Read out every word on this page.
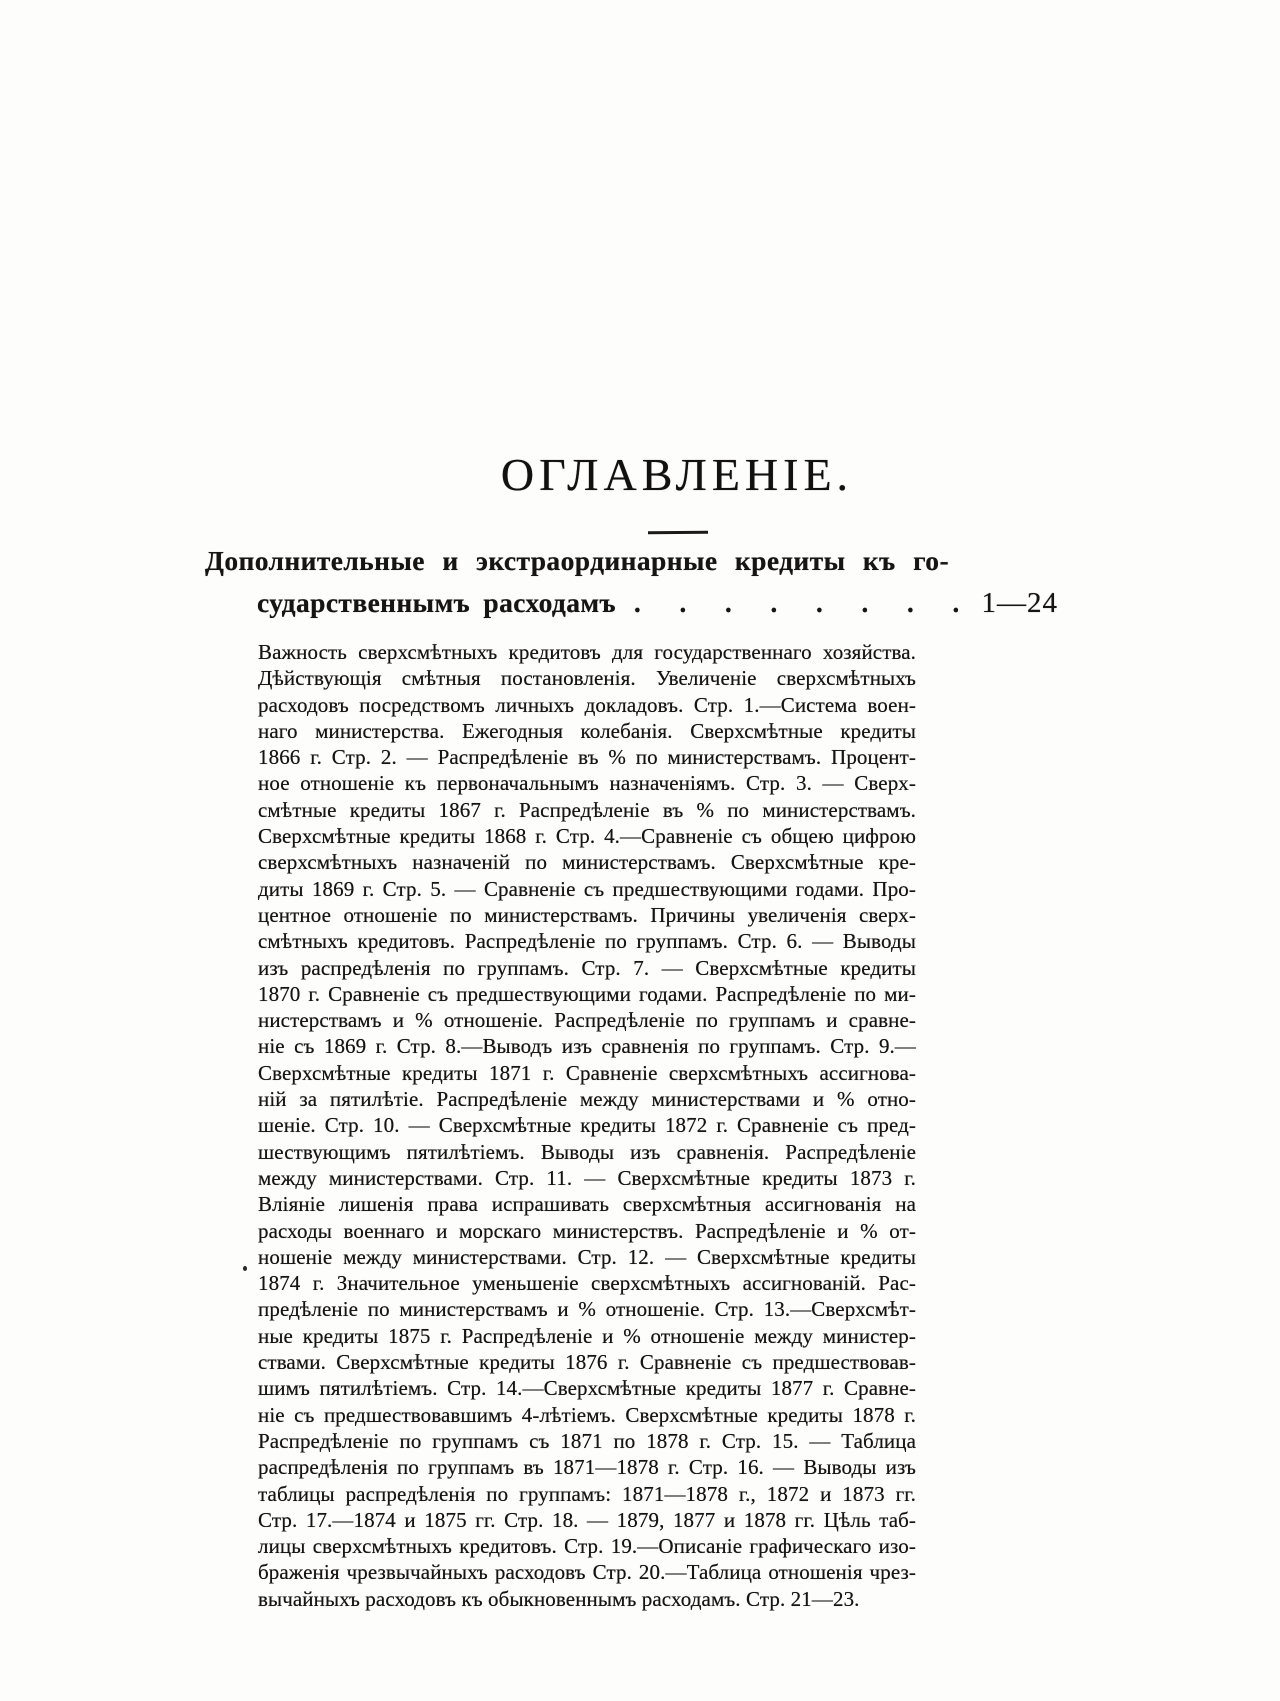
ОГЛАВЛЕНІЕ.
Дополнительные и экстраординарные кредиты къ го-
сударственнымъ расходамъ . . . . . . . . 1—24
Важность сверхсмѣтныхъ кредитовъ для государственнаго хозяйства.
Дѣйствующія смѣтныя постановленія. Увеличеніе сверхсмѣтныхъ
расходовъ посредствомъ личныхъ докладовъ. Стр. 1.—Система воен-
наго министерства. Ежегодныя колебанія. Сверхсмѣтные кредиты
1866 г. Стр. 2. — Распредѣленіе въ % по министерствамъ. Процент-
ное отношеніе къ первоначальнымъ назначеніямъ. Стр. 3. — Сверх-
смѣтные кредиты 1867 г. Распредѣленіе въ % по министерствамъ.
Сверхсмѣтные кредиты 1868 г. Стр. 4.—Сравненіе съ общею цифрою
сверхсмѣтныхъ назначеній по министерствамъ. Сверхсмѣтные кре-
диты 1869 г. Стр. 5. — Сравненіе съ предшествующими годами. Про-
центное отношеніе по министерствамъ. Причины увеличенія сверх-
смѣтныхъ кредитовъ. Распредѣленіе по группамъ. Стр. 6. — Выводы
изъ распредѣленія по группамъ. Стр. 7. — Сверхсмѣтные кредиты
1870 г. Сравненіе съ предшествующими годами. Распредѣленіе по ми-
нистерствамъ и % отношеніе. Распредѣленіе по группамъ и сравне-
ніе съ 1869 г. Стр. 8.—Выводъ изъ сравненія по группамъ. Стр. 9.—
Сверхсмѣтные кредиты 1871 г. Сравненіе сверхсмѣтныхъ ассигнова-
ній за пятилѣтіе. Распредѣленіе между министерствами и % отно-
шеніе. Стр. 10. — Сверхсмѣтные кредиты 1872 г. Сравненіе съ пред-
шествующимъ пятилѣтіемъ. Выводы изъ сравненія. Распредѣленіе
между министерствами. Стр. 11. — Сверхсмѣтные кредиты 1873 г.
Вліяніе лишенія права испрашивать сверхсмѣтныя ассигнованія на
расходы военнаго и морскаго министерствъ. Распредѣленіе и % от-
ношеніе между министерствами. Стр. 12. — Сверхсмѣтные кредиты
1874 г. Значительное уменьшеніе сверхсмѣтныхъ ассигнованій. Рас-
предѣленіе по министерствамъ и % отношеніе. Стр. 13.—Сверхсмѣт-
ные кредиты 1875 г. Распредѣленіе и % отношеніе между министер-
ствами. Сверхсмѣтные кредиты 1876 г. Сравненіе съ предшествовав-
шимъ пятилѣтіемъ. Стр. 14.—Сверхсмѣтные кредиты 1877 г. Сравне-
ніе съ предшествовавшимъ 4-лѣтіемъ. Сверхсмѣтные кредиты 1878 г.
Распредѣленіе по группамъ съ 1871 по 1878 г. Стр. 15. — Таблица
распредѣленія по группамъ въ 1871—1878 г. Стр. 16. — Выводы изъ
таблицы распредѣленія по группамъ: 1871—1878 г., 1872 и 1873 гг.
Стр. 17.—1874 и 1875 гг. Стр. 18. — 1879, 1877 и 1878 гг. Цѣль таб-
лицы сверхсмѣтныхъ кредитовъ. Стр. 19.—Описаніе графическаго изо-
браженія чрезвычайныхъ расходовъ Стр. 20.—Таблица отношенія чрез-
вычайныхъ расходовъ къ обыкновеннымъ расходамъ. Стр. 21—23.
